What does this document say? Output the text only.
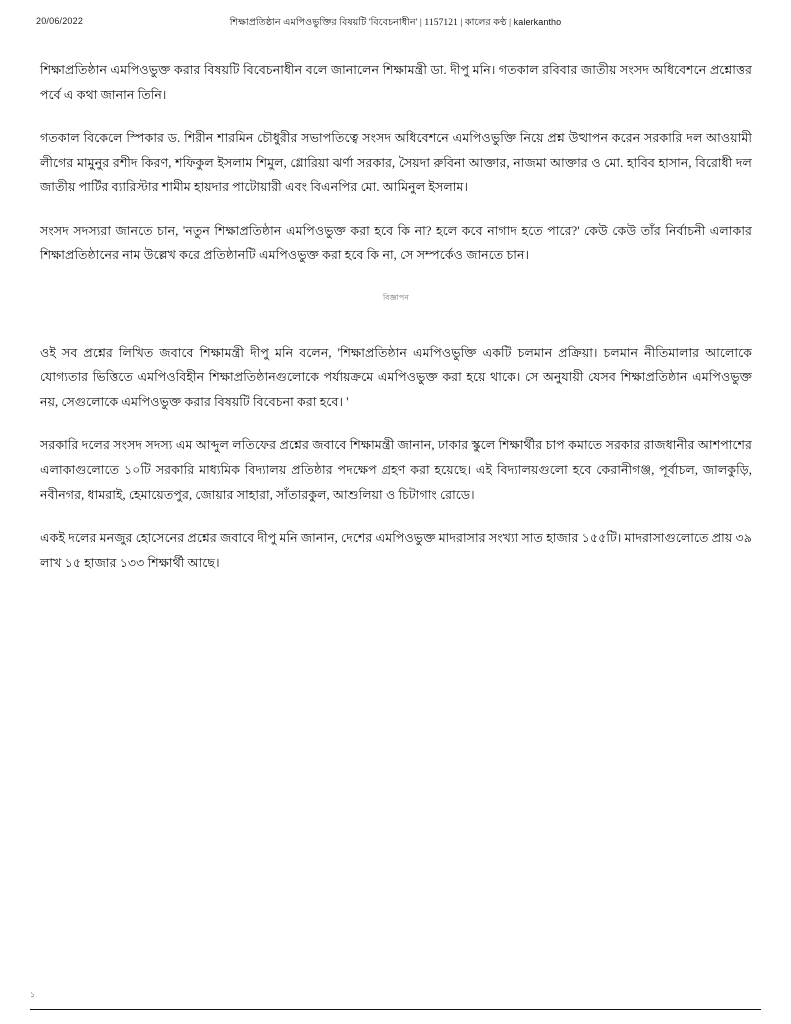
20/06/2022	শিক্ষাপ্রতিষ্ঠান এমপিওভুক্তির বিষয়টি 'বিবেচনাধীন' | 1157121 | কালের কণ্ঠ | kalerkantho

শিক্ষাপ্রতিষ্ঠান এমপিওভুক্ত করার বিষয়টি বিবেচনাধীন বলে জানালেন শিক্ষামন্ত্রী ডা. দীপু মনি। গতকাল রবিবার জাতীয় সংসদ অধিবেশনে প্রশ্নোত্তর পর্বে এ কথা জানান তিনি।

গতকাল বিকেলে স্পিকার ড. শিরীন শারমিন চৌধুরীর সভাপতিত্বে সংসদ অধিবেশনে এমপিওভুক্তি নিয়ে প্রশ্ন উত্থাপন করেন সরকারি দল আওয়ামী লীগের মামুনুর রশীদ কিরণ, শফিকুল ইসলাম শিমুল, গ্লোরিয়া ঝর্ণা সরকার, সৈয়দা রুবিনা আক্তার, নাজমা আক্তার ও মো. হাবিব হাসান, বিরোধী দল জাতীয় পার্টির ব্যারিস্টার শামীম হায়দার পাটোয়ারী এবং বিএনপির মো. আমিনুল ইসলাম।

সংসদ সদস্যরা জানতে চান, 'নতুন শিক্ষাপ্রতিষ্ঠান এমপিওভুক্ত করা হবে কি না? হলে কবে নাগাদ হতে পারে?' কেউ কেউ তাঁর নির্বাচনী এলাকার শিক্ষাপ্রতিষ্ঠানের নাম উল্লেখ করে প্রতিষ্ঠানটি এমপিওভুক্ত করা হবে কি না, সে সম্পর্কেও জানতে চান।

বিজ্ঞাপন

ওই সব প্রশ্নের লিখিত জবাবে শিক্ষামন্ত্রী দীপু মনি বলেন, 'শিক্ষাপ্রতিষ্ঠান এমপিওভুক্তি একটি চলমান প্রক্রিয়া। চলমান নীতিমালার আলোকে যোগ্যতার ভিত্তিতে এমপিওবিহীন শিক্ষাপ্রতিষ্ঠানগুলোকে পর্যায়ক্রমে এমপিওভুক্ত করা হয়ে থাকে। সে অনুযায়ী যেসব শিক্ষাপ্রতিষ্ঠান এমপিওভুক্ত নয়, সেগুলোকে এমপিওভুক্ত করার বিষয়টি বিবেচনা করা হবে। '

সরকারি দলের সংসদ সদস্য এম আব্দুল লতিফের প্রশ্নের জবাবে শিক্ষামন্ত্রী জানান, ঢাকার স্কুলে শিক্ষার্থীর চাপ কমাতে সরকার রাজধানীর আশপাশের এলাকাগুলোতে ১০টি সরকারি মাধ্যমিক বিদ্যালয় প্রতিষ্ঠার পদক্ষেপ গ্রহণ করা হয়েছে। এই বিদ্যালয়গুলো হবে কেরানীগঞ্জ, পূর্বাচল, জালকুড়ি, নবীনগর, ধামরাই, হেমায়েতপুর, জোয়ার সাহারা, সাঁতারকুল, আশুলিয়া ও চিটাগাং রোডে।

একই দলের মনজুর হোসেনের প্রশ্নের জবাবে দীপু মনি জানান, দেশের এমপিওভুক্ত মাদরাসার সংখ্যা সাত হাজার ১৫৫টি। মাদরাসাগুলোতে প্রায় ৩৯ লাখ ১৫ হাজার ১৩৩ শিক্ষার্থী আছে।

১
